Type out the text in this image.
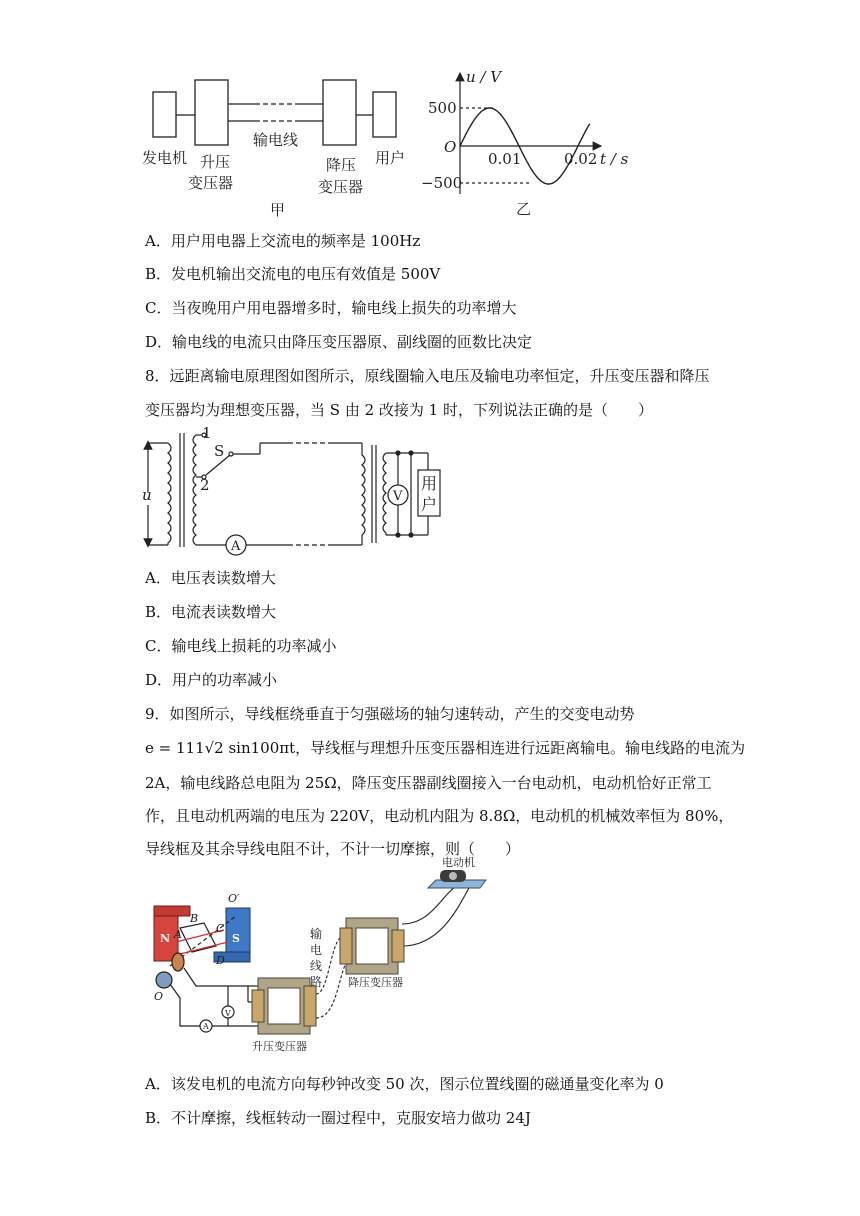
发电机 升压
变压器
输电线
降压
变压器
用户
甲
u / V
t / s
O
500
−500
0.01	0.02
乙
A．用户用电器上交流电的频率是 100Hz
B．发电机输出交流电的电压有效值是 500V
C．当夜晚用户用电器增多时，输电线上损失的功率增大
D．输电线的电流只由降压变压器原、副线圈的匝数比决定
8．远距离输电原理图如图所示，原线圈输入电压及输电功率恒定，升压变压器和降压
变压器均为理想变压器，当 S 由 2 改接为 1 时，下列说法正确的是（　　）
u
1
S
2
A
V
用
户
A．电压表读数增大
B．电流表读数增大
C．输电线上损耗的功率减小
D．用户的功率减小
9．如图所示，导线框绕垂直于匀强磁场的轴匀速转动，产生的交变电动势
e = 111√2 sin100πt，导线框与理想升压变压器相连进行远距离输电。输电线路的电流为
2A，输电线路总电阻为 25Ω，降压变压器副线圈接入一台电动机，电动机恰好正常工
作，且电动机两端的电压为 220V，电动机内阻为 8.8Ω，电动机的机械效率恒为 80%，
导线框及其余导线电阻不计，不计一切摩擦，则（　　）
N	S
B
C
A
D
O′
O
V
A
电动机
输
电
线
路 降压变压器
升压变压器
A．该发电机的电流方向每秒钟改变 50 次，图示位置线圈的磁通量变化率为 0
B．不计摩擦，线框转动一圈过程中，克服安培力做功 24J
